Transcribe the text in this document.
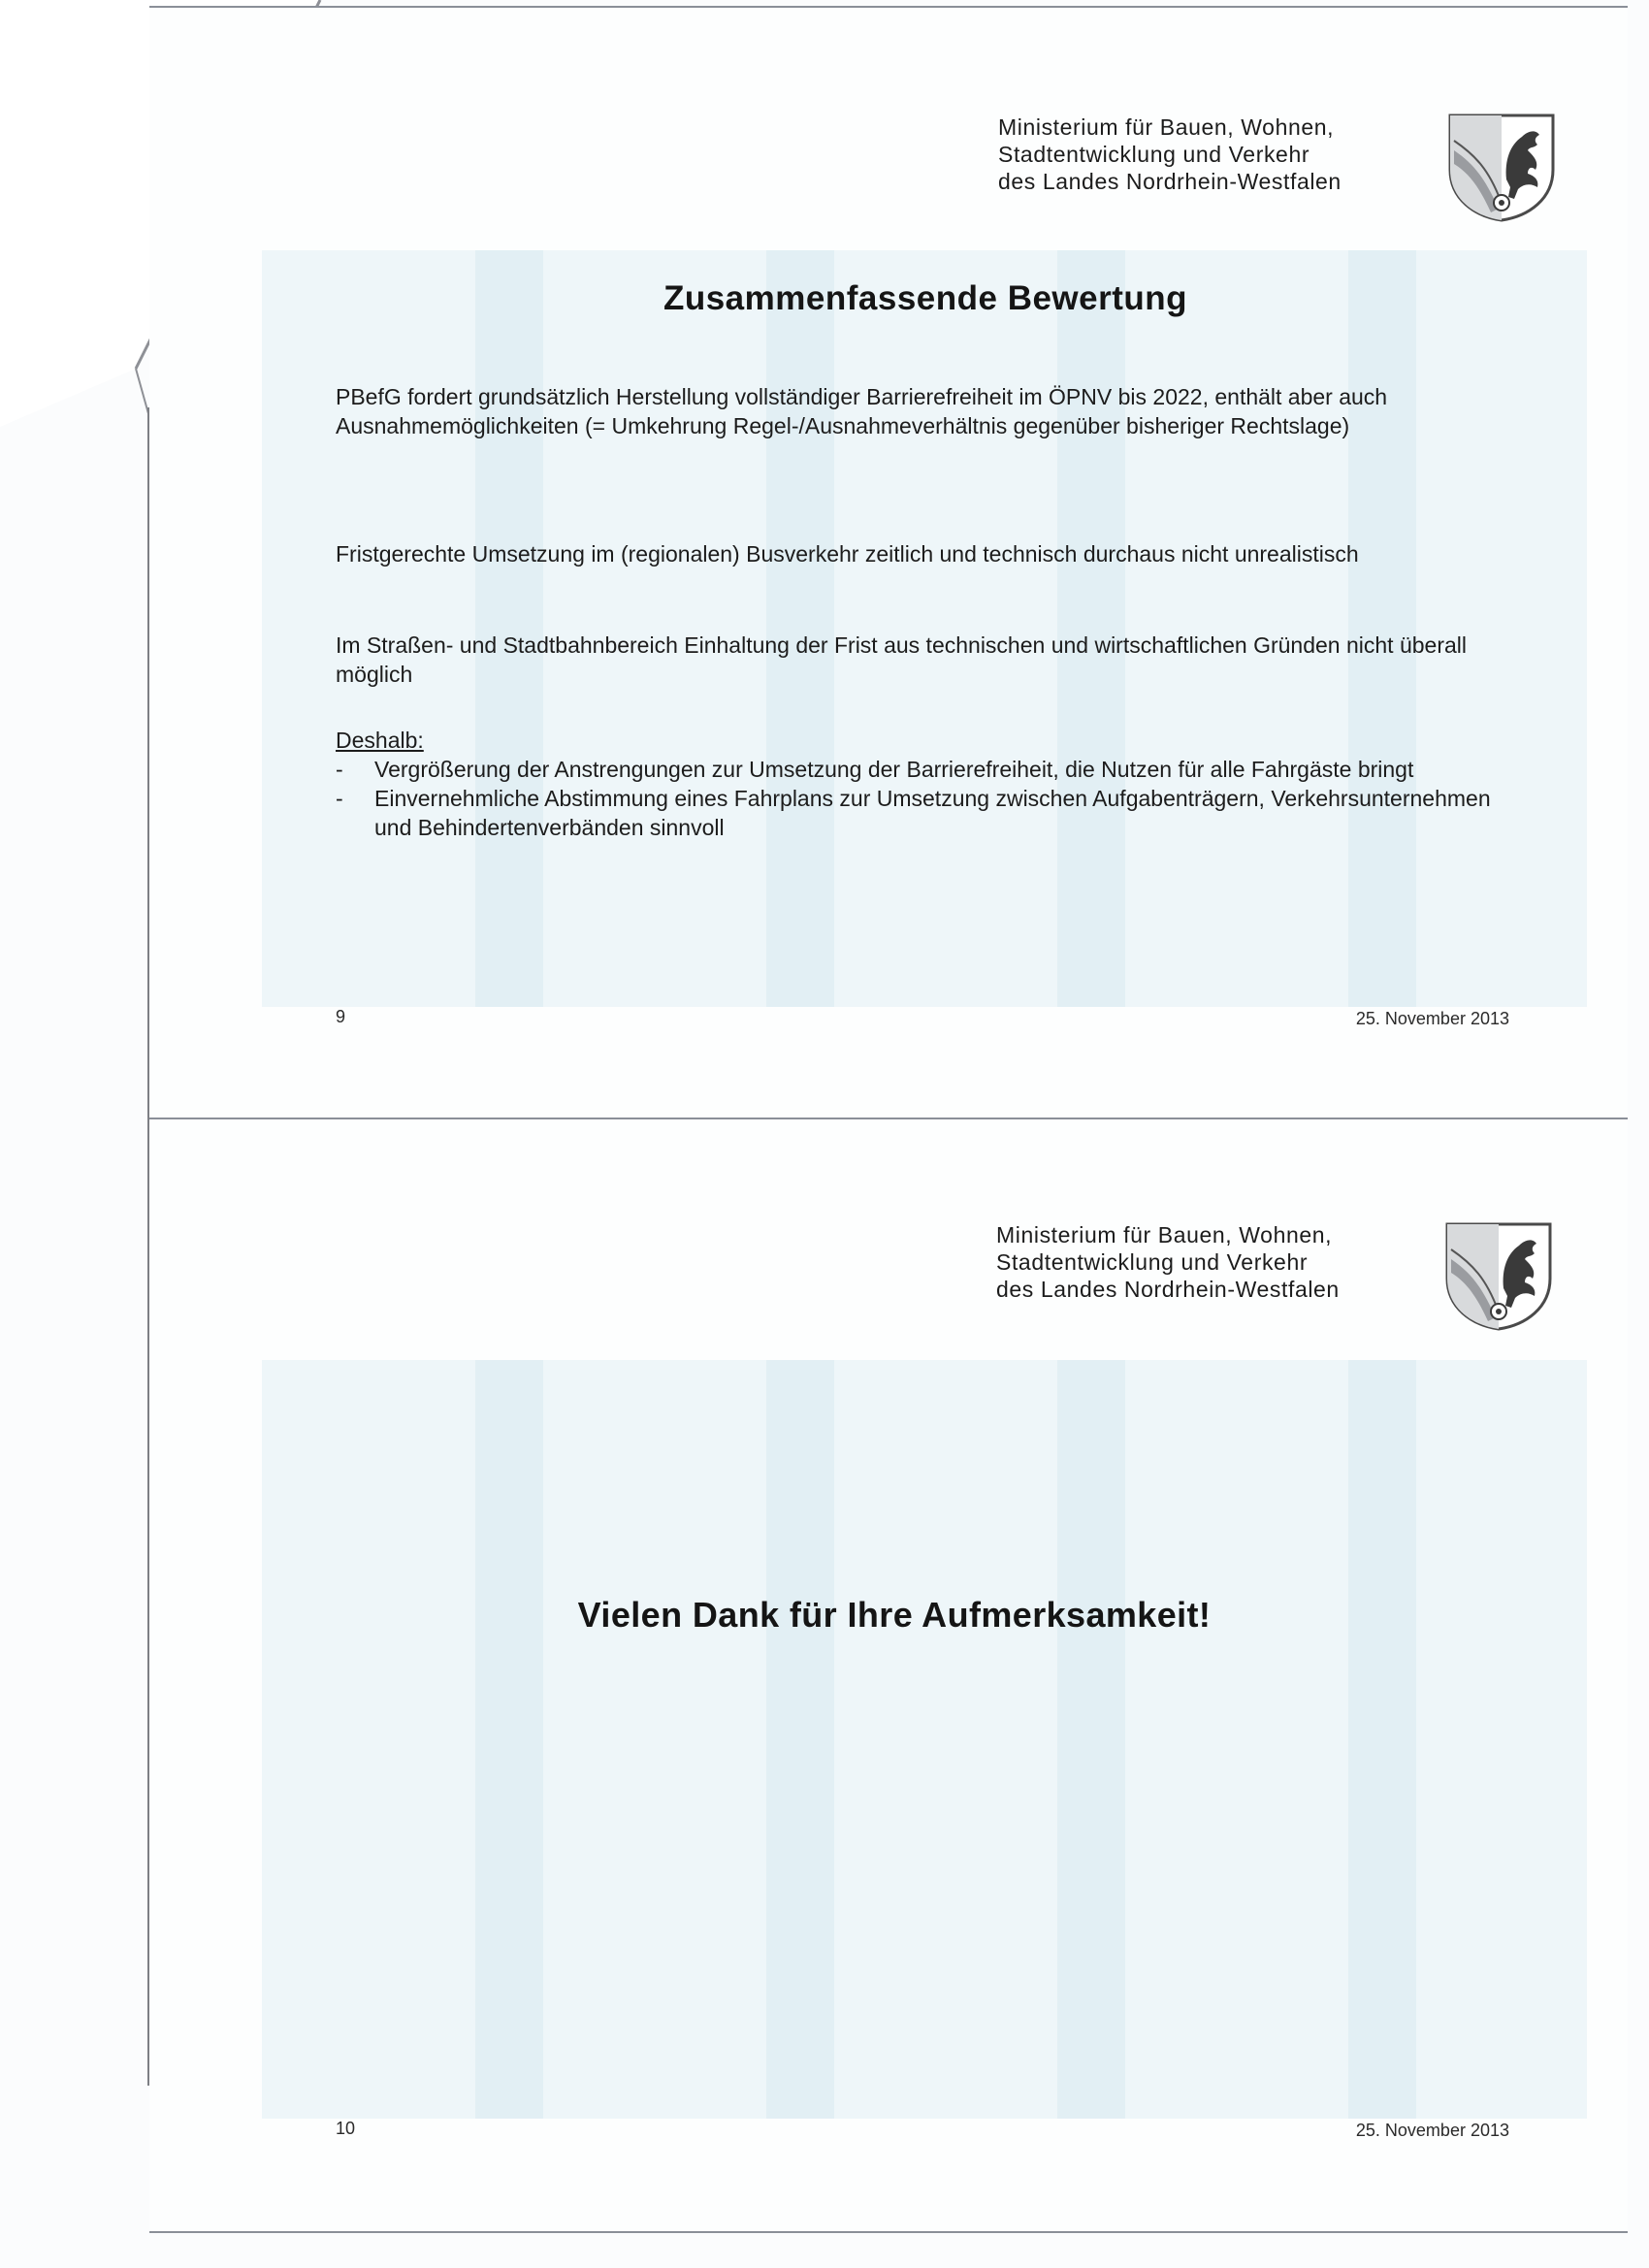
Ministerium für Bauen, Wohnen,
Stadtentwicklung und Verkehr
des Landes Nordrhein-Westfalen
Zusammenfassende Bewertung
PBefG fordert grundsätzlich Herstellung vollständiger Barrierefreiheit im ÖPNV bis 2022, enthält aber auch Ausnahmemöglichkeiten (= Umkehrung Regel-/Ausnahmeverhältnis gegenüber bisheriger Rechtslage)
Fristgerechte Umsetzung im (regionalen) Busverkehr zeitlich und technisch durchaus nicht unrealistisch
Im Straßen- und Stadtbahnbereich Einhaltung der Frist aus technischen und wirtschaftlichen Gründen nicht überall möglich
Deshalb:
- Vergrößerung der Anstrengungen zur Umsetzung der Barrierefreiheit, die Nutzen für alle Fahrgäste bringt
- Einvernehmliche Abstimmung eines Fahrplans zur Umsetzung zwischen Aufgabenträgern, Verkehrsunternehmen und Behindertenverbänden sinnvoll
9	25. November 2013
Ministerium für Bauen, Wohnen,
Stadtentwicklung und Verkehr
des Landes Nordrhein-Westfalen
Vielen Dank für Ihre Aufmerksamkeit!
10	25. November 2013
